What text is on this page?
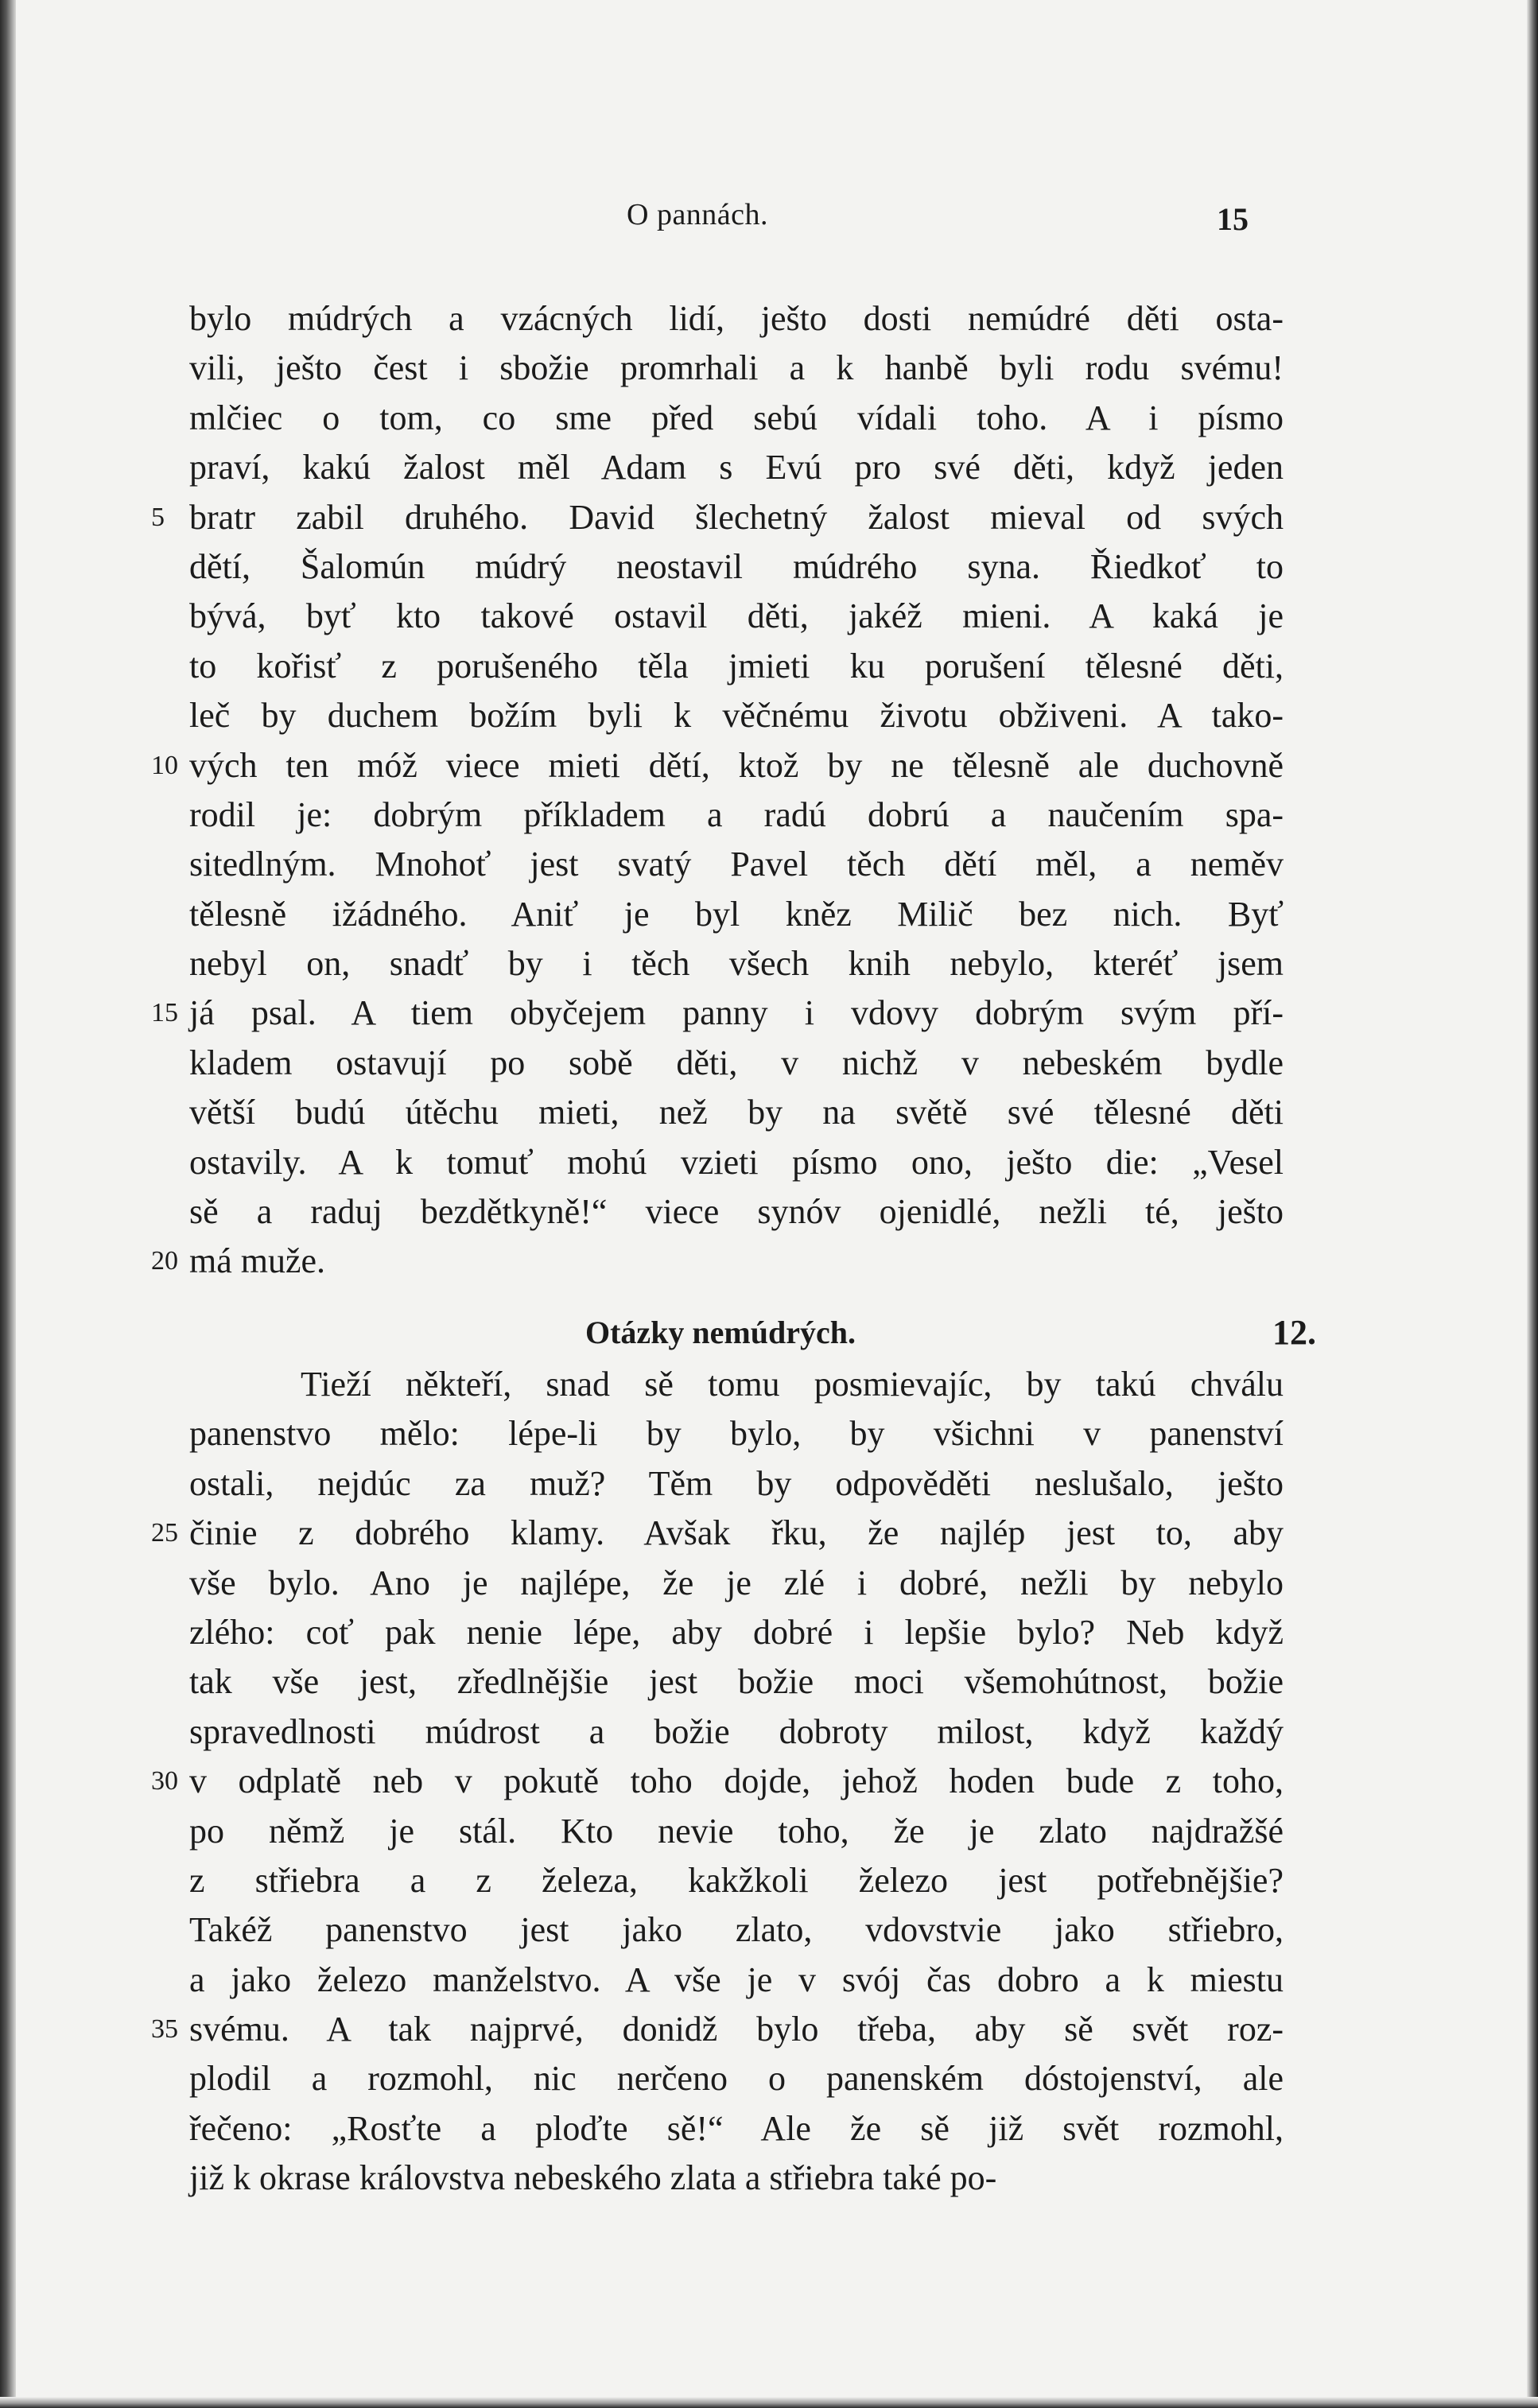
O pannách.	15
bylo múdrých a vzácných lidí, ješto dosti nemúdré děti osta-
vili, ješto čest i sbožie promrhali a k hanbě byli rodu svému!
mlčiec o tom, co sme před sebú vídali toho. A i písmo
praví, kakú žalost měl Adam s Evú pro své děti, když jeden
5 bratr zabil druhého. David šlechetný žalost mieval od svých
dětí, Šalomún múdrý neostavil múdrého syna. Řiedkoť to
bývá, byť kto takové ostavil děti, jakéž mieni. A kaká je
to kořisť z porušeného těla jmieti ku porušení tělesné děti,
leč by duchem božím byli k věčnému životu obživeni. A tako-
10 vých ten móž viece mieti dětí, ktož by ne tělesně ale duchovně
rodil je: dobrým příkladem a radú dobrú a naučením spa-
sitedlným. Mnohoť jest svatý Pavel těch dětí měl, a neměv
tělesně ižádného. Aniť je byl kněz Milič bez nich. Byť
nebyl on, snadť by i těch všech knih nebylo, kteréť jsem
15 já psal. A tiem obyčejem panny i vdovy dobrým svým pří-
kladem ostavují po sobě děti, v nichž v nebeském bydle
větší budú útěchu mieti, než by na světě své tělesné děti
ostavily. A k tomuť mohú vzieti písmo ono, ješto die: „Vesel
sě a raduj bezdětkyně!“ viece synóv ojenidlé, nežli té, ješto
20 má muže.
Otázky nemúdrých.	12.
Tieží někteří, snad sě tomu posmievajíc, by takú chválu
panenstvo mělo: lépe-li by bylo, by všichni v panenství
ostali, nejdúc za muž? Těm by odpověděti neslušalo, ješto
25 činie z dobrého klamy. Avšak řku, že najlép jest to, aby
vše bylo. Ano je najlépe, že je zlé i dobré, nežli by nebylo
zlého: coť pak nenie lépe, aby dobré i lepšie bylo? Neb když
tak vše jest, zředlnějšie jest božie moci všemohútnost, božie
spravedlnosti múdrost a božie dobroty milost, když každý
30 v odplatě neb v pokutě toho dojde, jehož hoden bude z toho,
po němž je stál. Kto nevie toho, že je zlato najdražšé
z střiebra a z železa, kakžkoli železo jest potřebnějšie?
Takéž panenstvo jest jako zlato, vdovstvie jako střiebro,
a jako železo manželstvo. A vše je v svój čas dobro a k miestu
35 svému. A tak najprvé, donidž bylo třeba, aby sě svět roz-
plodil a rozmohl, nic nerčeno o panenském dóstojenství, ale
řečeno: „Rosťte a ploďte sě!“ Ale že sě již svět rozmohl,
již k okrase královstva nebeského zlata a střiebra také po-
